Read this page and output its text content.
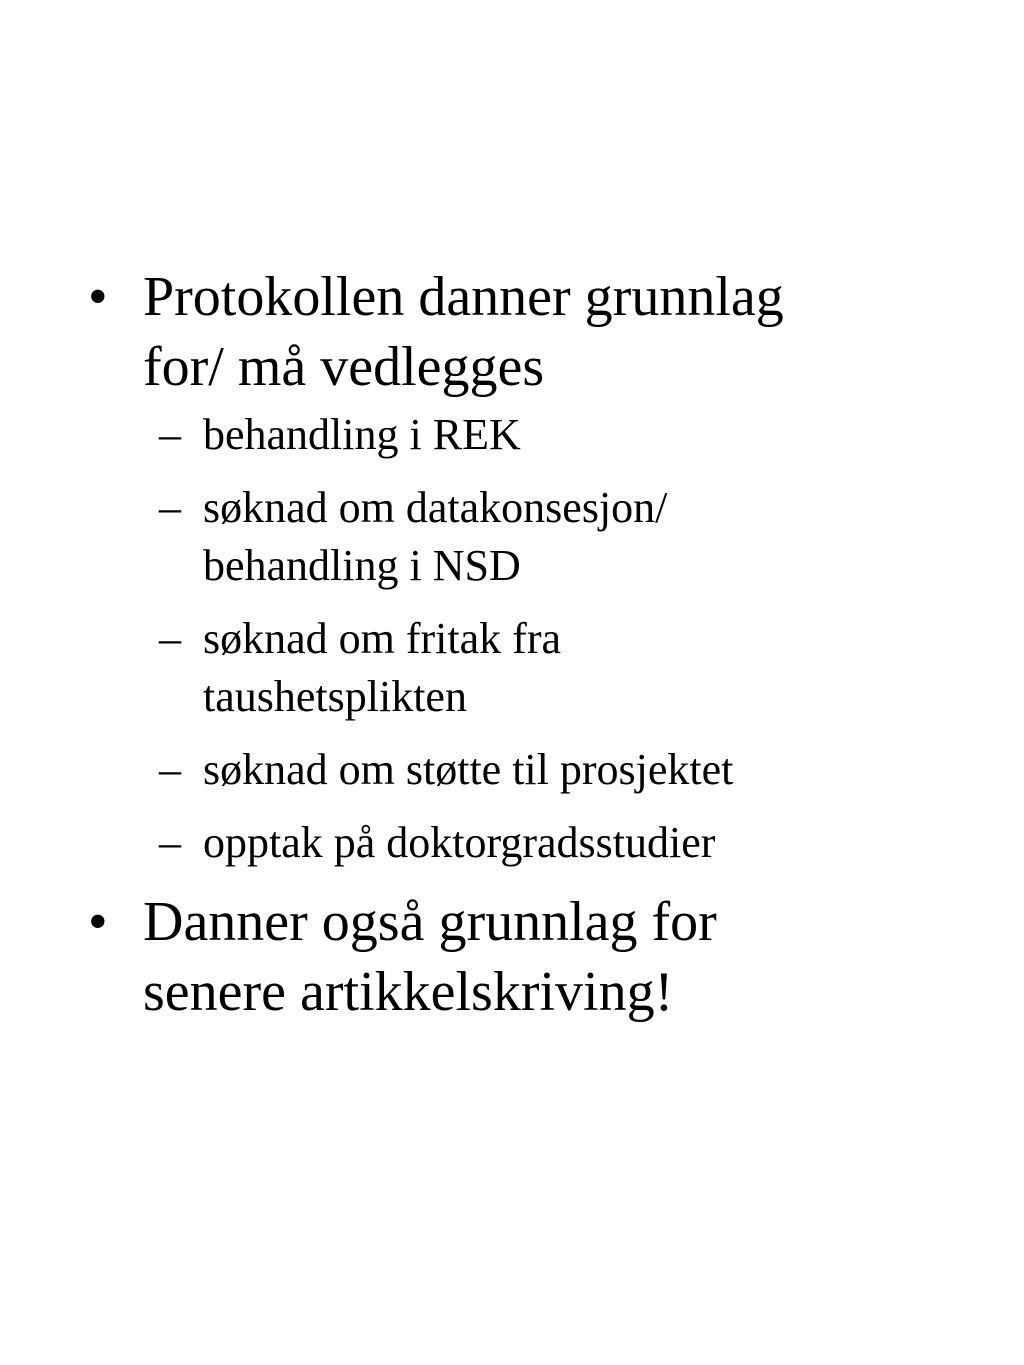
• Protokollen danner grunnlag
for/ må vedlegges
– behandling i REK
– søknad om datakonsesjon/
behandling i NSD
– søknad om fritak fra
taushetsplikten
– søknad om støtte til prosjektet
– opptak på doktorgradsstudier
• Danner også grunnlag for
senere artikkelskriving!
